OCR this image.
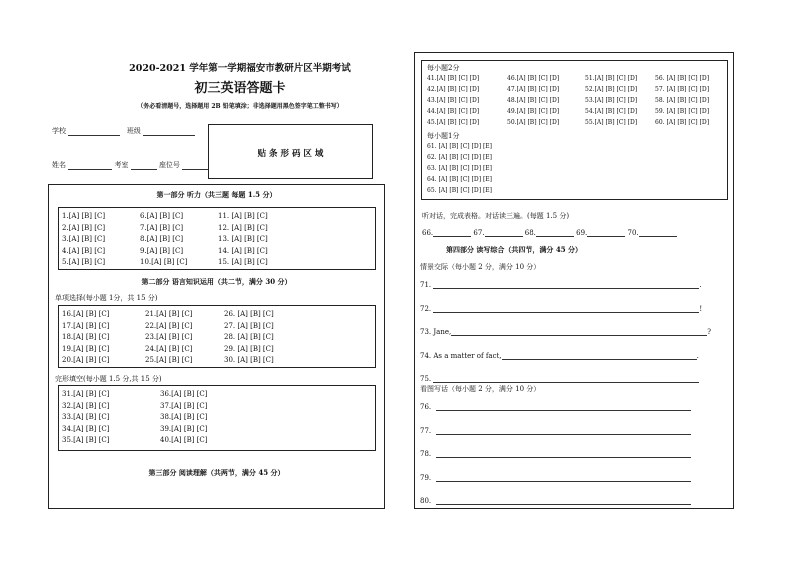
2020-2021 学年第一学期福安市教研片区半期考试
初三英语答题卡
（务必看清题号，选择题用 2B 铅笔填涂；非选择题用黑色签字笔工整书写）
学校	班级
姓名	考室	座位号
贴 条 形 码 区 域
第一部分 听力（共三题 每题 1.5 分）
第二部分 语言知识运用（共二节，满分 30 分）
单项选择(每小题 1分，共 15 分)
完形填空(每小题 1.5 分,共 15 分)
第三部分 阅读理解（共两节，满分 45 分）
每小题2分
每小题1分
听对话，完成表格。对话读三遍。(每题 1.5 分)
66.	67.	68.	69.	70.
第四部分 读写综合（共四节，满分 45 分）
情景交际（每小题 2 分，满分 10 分）
看图写话（每小题 2 分，满分 10 分）
1.[A] [B] [C]	6.[A] [B] [C]	11. [A] [B] [C]
2.[A] [B] [C]	7.[A] [B] [C]	12. [A] [B] [C]
3.[A] [B] [C]	8.[A] [B] [C]	13. [A] [B] [C]
4.[A] [B] [C]	9.[A] [B] [C]	14. [A] [B] [C]
5.[A] [B] [C]	10.[A] [B] [C]	15. [A] [B] [C]
16.[A] [B] [C]	21.[A] [B] [C]	26. [A] [B] [C]
17.[A] [B] [C]	22.[A] [B] [C]	27. [A] [B] [C]
18.[A] [B] [C]	23.[A] [B] [C]	28. [A] [B] [C]
19.[A] [B] [C]	24.[A] [B] [C]	29. [A] [B] [C]
20.[A] [B] [C]	25.[A] [B] [C]	30. [A] [B] [C]
31.[A] [B] [C]	36.[A] [B] [C]
32.[A] [B] [C]	37.[A] [B] [C]
33.[A] [B] [C]	38.[A] [B] [C]
34.[A] [B] [C]	39.[A] [B] [C]
35.[A] [B] [C]	40.[A] [B] [C]
41.[A] [B] [C] [D]	46.[A] [B] [C] [D]	51.[A] [B] [C] [D]	56. [A] [B] [C] [D]
42.[A] [B] [C] [D]	47.[A] [B] [C] [D]	52.[A] [B] [C] [D]	57. [A] [B] [C] [D]
43.[A] [B] [C] [D]	48.[A] [B] [C] [D]	53.[A] [B] [C] [D]	58. [A] [B] [C] [D]
44.[A] [B] [C] [D]	49.[A] [B] [C] [D]	54.[A] [B] [C] [D]	59. [A] [B] [C] [D]
45.[A] [B] [C] [D]	50.[A] [B] [C] [D]	55.[A] [B] [C] [D]	60. [A] [B] [C] [D]
61. [A] [B] [C] [D] [E]
62. [A] [B] [C] [D] [E]
63. [A] [B] [C] [D] [E]
64. [A] [B] [C] [D] [E]
65. [A] [B] [C] [D] [E]
71.	.
72.	!
73. Jane,	?
74. As a matter of fact,	.
75.
76.
77.
78.
79.
80.
